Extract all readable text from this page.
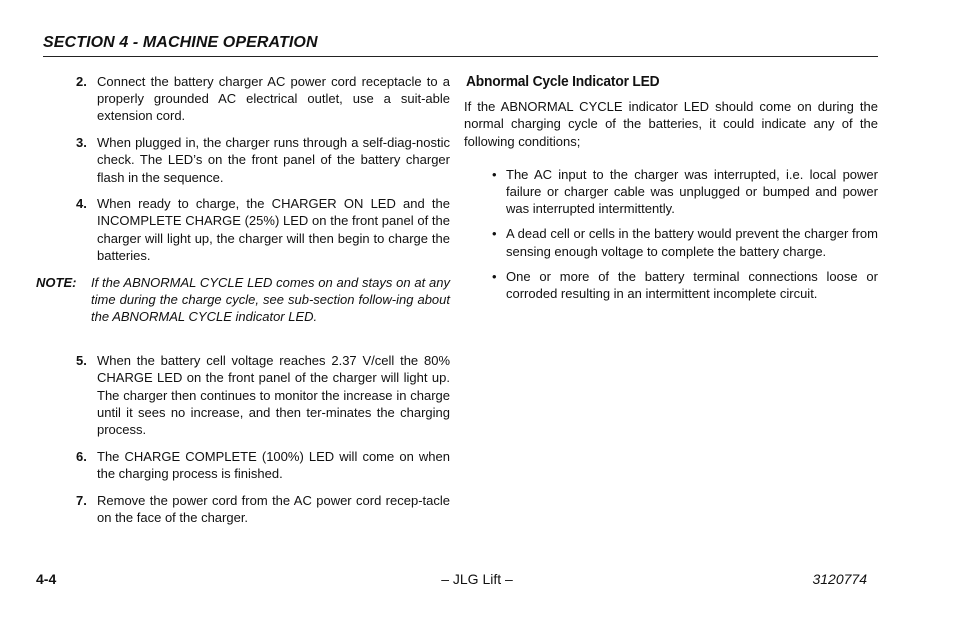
SECTION 4 - MACHINE OPERATION
2. Connect the battery charger AC power cord receptacle to a properly grounded AC electrical outlet, use a suit-able extension cord.
3. When plugged in, the charger runs through a self-diag-nostic check. The LED’s on the front panel of the battery charger flash in the sequence.
4. When ready to charge, the CHARGER ON LED and the INCOMPLETE CHARGE (25%) LED on the front panel of the charger will light up, the charger will then begin to charge the batteries.
NOTE:	If the ABNORMAL CYCLE LED comes on and stays on at any time during the charge cycle, see sub-section follow-ing about the ABNORMAL CYCLE indicator LED.
5. When the battery cell voltage reaches 2.37 V/cell the 80% CHARGE LED on the front panel of the charger will light up. The charger then continues to monitor the increase in charge until it sees no increase, and then ter-minates the charging process.
6. The CHARGE COMPLETE (100%) LED will come on when the charging process is finished.
7. Remove the power cord from the AC power cord recep-tacle on the face of the charger.
Abnormal Cycle Indicator LED
If the ABNORMAL CYCLE indicator LED should come on during the normal charging cycle of the batteries, it could indicate any of the following conditions;
• The AC input to the charger was interrupted, i.e. local power failure or charger cable was unplugged or bumped and power was interrupted intermittently.
• A dead cell or cells in the battery would prevent the charger from sensing enough voltage to complete the battery charge.
• One or more of the battery terminal connections loose or corroded resulting in an intermittent incomplete circuit.
– JLG Lift –
4-4	3120774
